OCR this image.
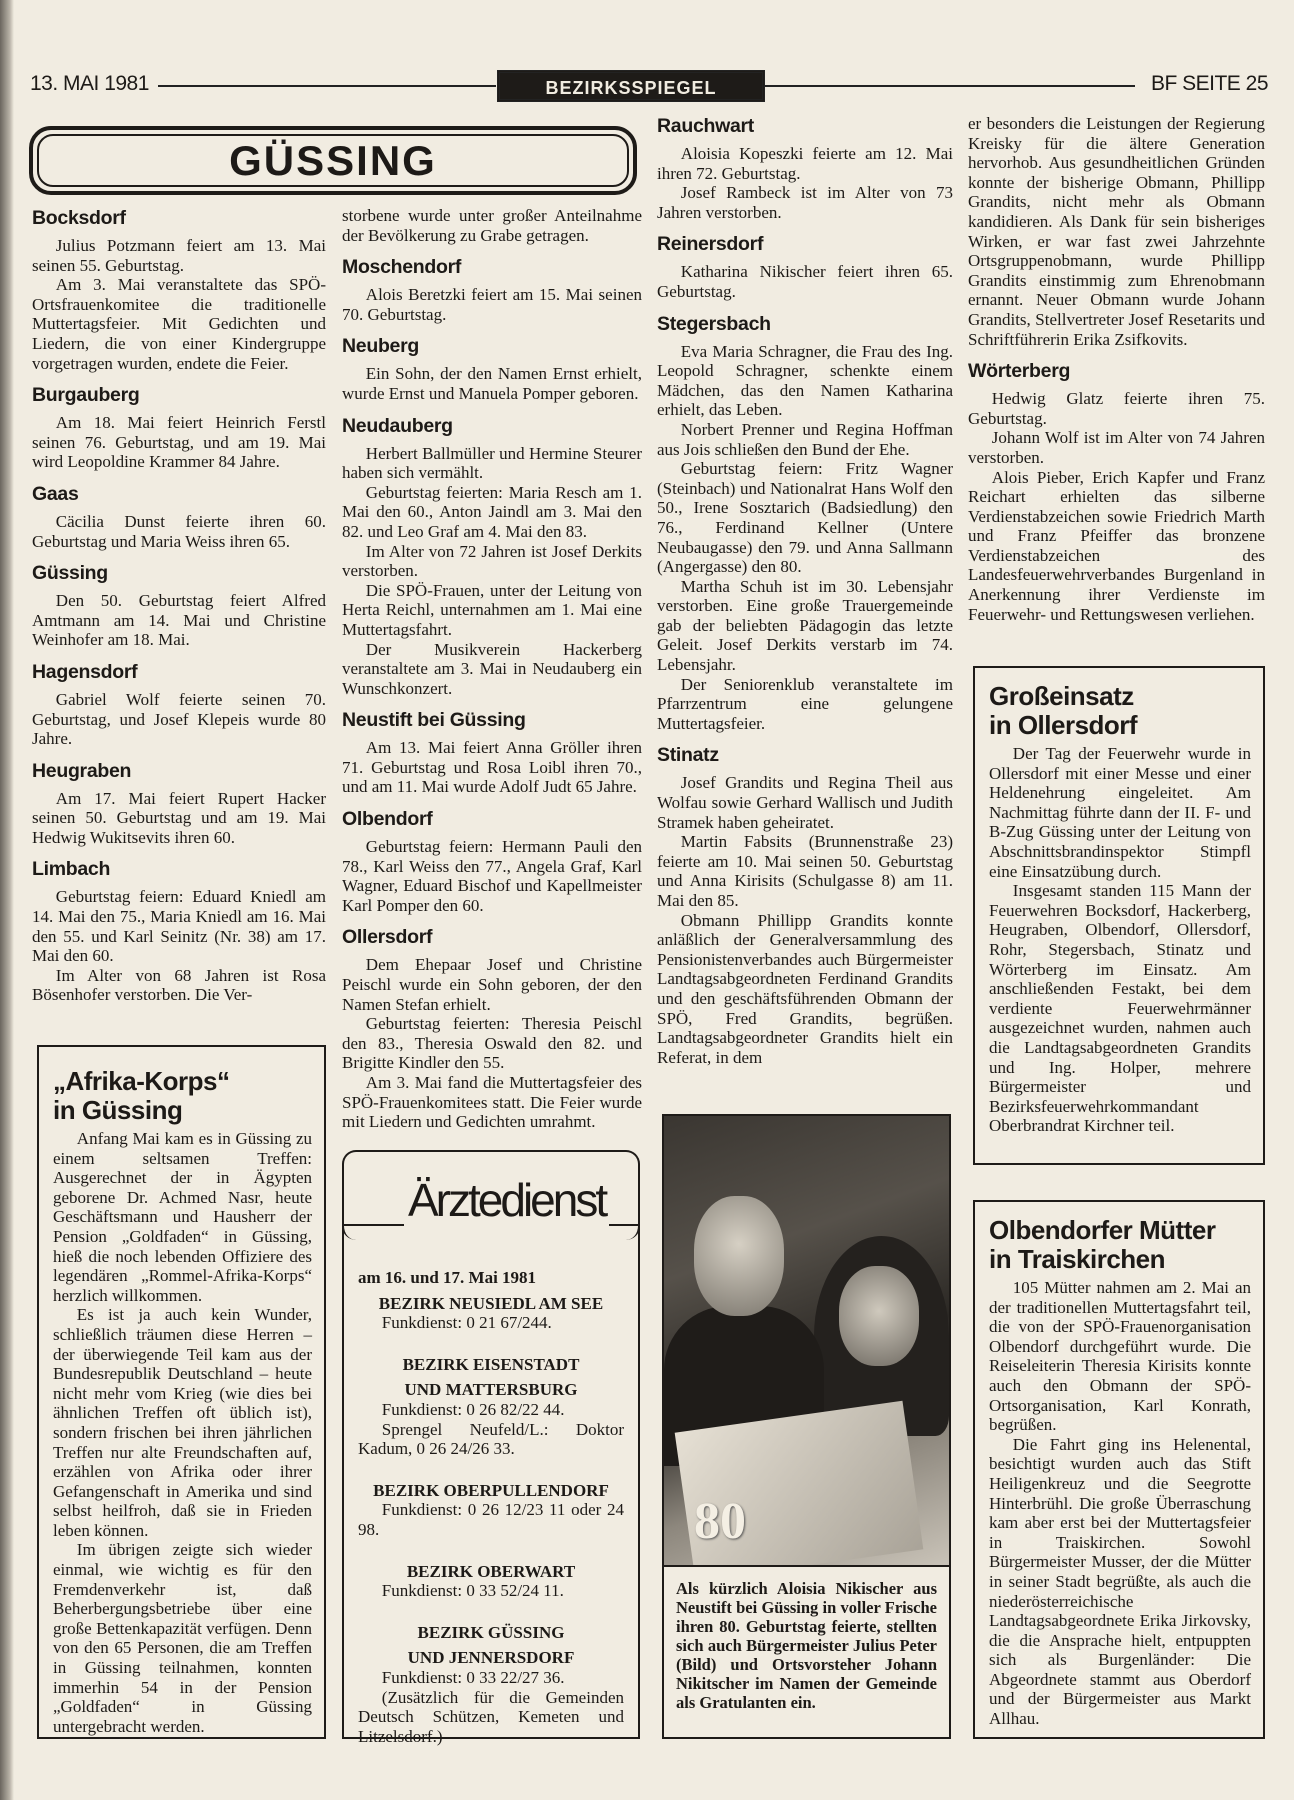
13. MAI 1981	BEZIRKSSPIEGEL	BF SEITE 25
GÜSSING
Bocksdorf

Julius Potzmann feiert am 13. Mai seinen 55. Geburtstag.

Am 3. Mai veranstaltete das SPÖ-Ortsfrauenkomitee die traditionelle Muttertagsfeier. Mit Gedichten und Liedern, die von einer Kindergruppe vorgetragen wurden, endete die Feier.

Burgauberg

Am 18. Mai feiert Heinrich Ferstl seinen 76. Geburtstag, und am 19. Mai wird Leopoldine Krammer 84 Jahre.

Gaas

Cäcilia Dunst feierte ihren 60. Geburtstag und Maria Weiss ihren 65.

Güssing

Den 50. Geburtstag feiert Alfred Amtmann am 14. Mai und Christine Weinhofer am 18. Mai.

Hagensdorf

Gabriel Wolf feierte seinen 70. Geburtstag, und Josef Klepeis wurde 80 Jahre.

Heugraben

Am 17. Mai feiert Rupert Hacker seinen 50. Geburtstag und am 19. Mai Hedwig Wukitsevits ihren 60.

Limbach

Geburtstag feiern: Eduard Kniedl am 14. Mai den 75., Maria Kniedl am 16. Mai den 55. und Karl Seinitz (Nr. 38) am 17. Mai den 60.

Im Alter von 68 Jahren ist Rosa Bösenhofer verstorben. Die Ver-

storbene wurde unter großer Anteilnahme der Bevölkerung zu Grabe getragen.

Moschendorf

Alois Beretzki feiert am 15. Mai seinen 70. Geburtstag.

Neuberg

Ein Sohn, der den Namen Ernst erhielt, wurde Ernst und Manuela Pomper geboren.

Neudauberg

Herbert Ballmüller und Hermine Steurer haben sich vermählt.

Geburtstag feierten: Maria Resch am 1. Mai den 60., Anton Jaindl am 3. Mai den 82. und Leo Graf am 4. Mai den 83.

Im Alter von 72 Jahren ist Josef Derkits verstorben.

Die SPÖ-Frauen, unter der Leitung von Herta Reichl, unternahmen am 1. Mai eine Muttertagsfahrt.

Der Musikverein Hackerberg veranstaltete am 3. Mai in Neudauberg ein Wunschkonzert.

Neustift bei Güssing

Am 13. Mai feiert Anna Gröller ihren 71. Geburtstag und Rosa Loibl ihren 70., und am 11. Mai wurde Adolf Judt 65 Jahre.

Olbendorf

Geburtstag feiern: Hermann Pauli den 78., Karl Weiss den 77., Angela Graf, Karl Wagner, Eduard Bischof und Kapellmeister Karl Pomper den 60.

Ollersdorf

Dem Ehepaar Josef und Christine Peischl wurde ein Sohn geboren, der den Namen Stefan erhielt.

Geburtstag feierten: Theresia Peischl den 83., Theresia Oswald den 82. und Brigitte Kindler den 55.

Am 3. Mai fand die Muttertagsfeier des SPÖ-Frauenkomitees statt. Die Feier wurde mit Liedern und Gedichten umrahmt.

Rauchwart

Aloisia Kopeszki feierte am 12. Mai ihren 72. Geburtstag.

Josef Rambeck ist im Alter von 73 Jahren verstorben.

Reinersdorf

Katharina Nikischer feiert ihren 65. Geburtstag.

Stegersbach

Eva Maria Schragner, die Frau des Ing. Leopold Schragner, schenkte einem Mädchen, das den Namen Katharina erhielt, das Leben.

Norbert Prenner und Regina Hoffman aus Jois schließen den Bund der Ehe.

Geburtstag feiern: Fritz Wagner (Steinbach) und Nationalrat Hans Wolf den 50., Irene Sosztarich (Badsiedlung) den 76., Ferdinand Kellner (Untere Neubaugasse) den 79. und Anna Sallmann (Angergasse) den 80.

Martha Schuh ist im 30. Lebensjahr verstorben. Eine große Trauergemeinde gab der beliebten Pädagogin das letzte Geleit. Josef Derkits verstarb im 74. Lebensjahr.

Der Seniorenklub veranstaltete im Pfarrzentrum eine gelungene Muttertagsfeier.

Stinatz

Josef Grandits und Regina Theil aus Wolfau sowie Gerhard Wallisch und Judith Stramek haben geheiratet.

Martin Fabsits (Brunnenstraße 23) feierte am 10. Mai seinen 50. Geburtstag und Anna Kirisits (Schulgasse 8) am 11. Mai den 85.

Obmann Phillipp Grandits konnte anläßlich der Generalversammlung des Pensionistenverbandes auch Bürgermeister Landtagsabgeordneten Ferdinand Grandits und den geschäftsführenden Obmann der SPÖ, Fred Grandits, begrüßen. Landtagsabgeordneter Grandits hielt ein Referat, in dem

er besonders die Leistungen der Regierung Kreisky für die ältere Generation hervorhob. Aus gesundheitlichen Gründen konnte der bisherige Obmann, Phillipp Grandits, nicht mehr als Obmann kandidieren. Als Dank für sein bisheriges Wirken, er war fast zwei Jahrzehnte Ortsgruppenobmann, wurde Phillipp Grandits einstimmig zum Ehrenobmann ernannt. Neuer Obmann wurde Johann Grandits, Stellvertreter Josef Resetarits und Schriftführerin Erika Zsifkovits.

Wörterberg

Hedwig Glatz feierte ihren 75. Geburtstag.

Johann Wolf ist im Alter von 74 Jahren verstorben.

Alois Pieber, Erich Kapfer und Franz Reichart erhielten das silberne Verdienstabzeichen sowie Friedrich Marth und Franz Pfeiffer das bronzene Verdienstabzeichen des Landesfeuerwehrverbandes Burgenland in Anerkennung ihrer Verdienste im Feuerwehr- und Rettungswesen verliehen.

„Afrika-Korps“
in Güssing

Anfang Mai kam es in Güssing zu einem seltsamen Treffen: Ausgerechnet der in Ägypten geborene Dr. Achmed Nasr, heute Geschäftsmann und Hausherr der Pension „Goldfaden“ in Güssing, hieß die noch lebenden Offiziere des legendären „Rommel-Afrika-Korps“ herzlich willkommen.

Es ist ja auch kein Wunder, schließlich träumen diese Herren – der überwiegende Teil kam aus der Bundesrepublik Deutschland – heute nicht mehr vom Krieg (wie dies bei ähnlichen Treffen oft üblich ist), sondern frischen bei ihren jährlichen Treffen nur alte Freundschaften auf, erzählen von Afrika oder ihrer Gefangenschaft in Amerika und sind selbst heilfroh, daß sie in Frieden leben können.

Im übrigen zeigte sich wieder einmal, wie wichtig es für den Fremdenverkehr ist, daß Beherbergungsbetriebe über eine große Bettenkapazität verfügen. Denn von den 65 Personen, die am Treffen in Güssing teilnahmen, konnten immerhin 54 in der Pension „Goldfaden“ in Güssing untergebracht werden.

Ärztedienst
am 16. und 17. Mai 1981
BEZIRK NEUSIEDL AM SEE

Funkdienst: 0 21 67/244.

BEZIRK EISENSTADT
UND MATTERSBURG

Funkdienst: 0 26 82/22 44.

Sprengel Neufeld/L.: Doktor Kadum, 0 26 24/26 33.

BEZIRK OBERPULLENDORF

Funkdienst: 0 26 12/23 11 oder 24 98.

BEZIRK OBERWART

Funkdienst: 0 33 52/24 11.

BEZIRK GÜSSING
UND JENNERSDORF

Funkdienst: 0 33 22/27 36.

(Zusätzlich für die Gemeinden Deutsch Schützen, Kemeten und Litzelsdorf.)

80
Als kürzlich Aloisia Nikischer aus Neustift bei Güssing in voller Frische ihren 80. Geburtstag feierte, stellten sich auch Bürgermeister Julius Peter (Bild) und Ortsvorsteher Johann Nikitscher im Namen der Gemeinde als Gratulanten ein.
Großeinsatz
in Ollersdorf

Der Tag der Feuerwehr wurde in Ollersdorf mit einer Messe und einer Heldenehrung eingeleitet. Am Nachmittag führte dann der II. F- und B-Zug Güssing unter der Leitung von Abschnittsbrandinspektor Stimpfl eine Einsatzübung durch.

Insgesamt standen 115 Mann der Feuerwehren Bocksdorf, Hackerberg, Heugraben, Olbendorf, Ollersdorf, Rohr, Stegersbach, Stinatz und Wörterberg im Einsatz. Am anschließenden Festakt, bei dem verdiente Feuerwehrmänner ausgezeichnet wurden, nahmen auch die Landtagsabgeordneten Grandits und Ing. Holper, mehrere Bürgermeister und Bezirksfeuerwehrkommandant Oberbrandrat Kirchner teil.

Olbendorfer Mütter
in Traiskirchen

105 Mütter nahmen am 2. Mai an der traditionellen Muttertagsfahrt teil, die von der SPÖ-Frauenorganisation Olbendorf durchgeführt wurde. Die Reiseleiterin Theresia Kirisits konnte auch den Obmann der SPÖ-Ortsorganisation, Karl Konrath, begrüßen.

Die Fahrt ging ins Helenental, besichtigt wurden auch das Stift Heiligenkreuz und die Seegrotte Hinterbrühl. Die große Überraschung kam aber erst bei der Muttertagsfeier in Traiskirchen. Sowohl Bürgermeister Musser, der die Mütter in seiner Stadt begrüßte, als auch die niederösterreichische Landtagsabgeordnete Erika Jirkovsky, die die Ansprache hielt, entpuppten sich als Burgenländer: Die Abgeordnete stammt aus Oberdorf und der Bürgermeister aus Markt Allhau.
